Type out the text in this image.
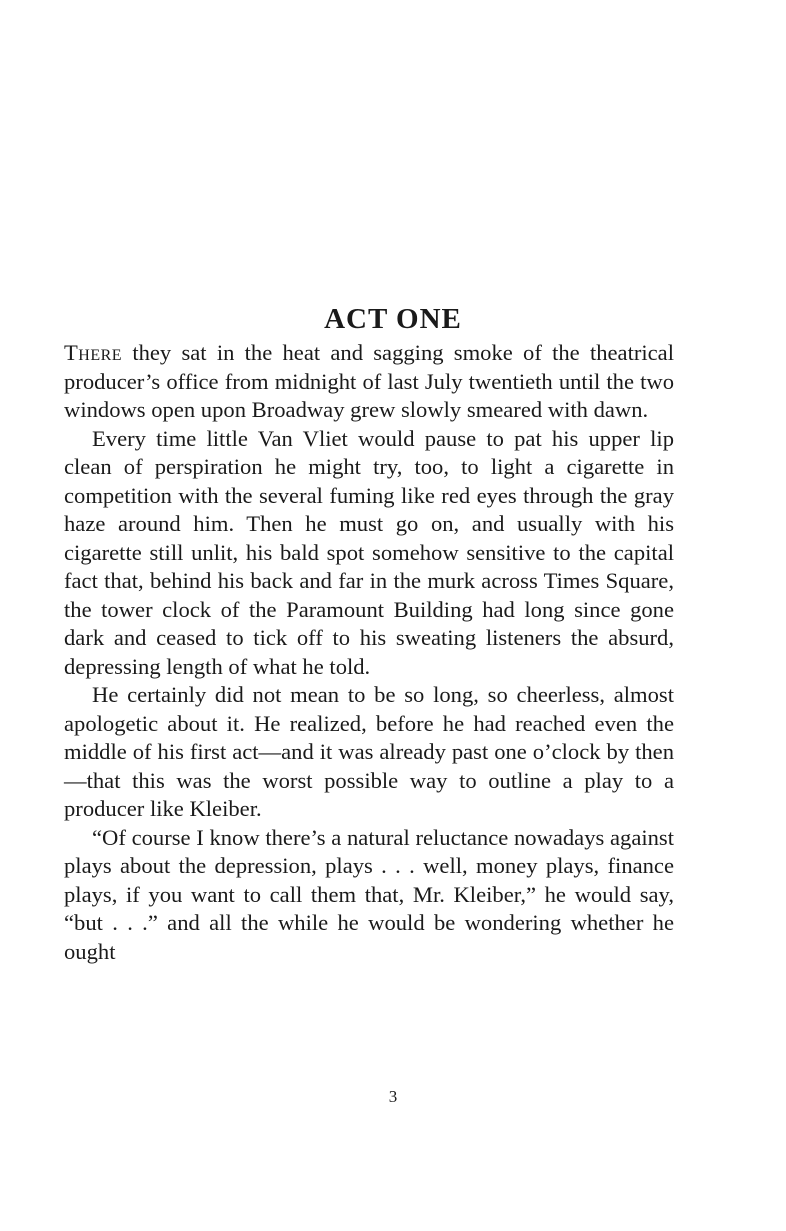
ACT ONE

There they sat in the heat and sagging smoke of the theatrical producer’s office from midnight of last July twentieth until the two windows open upon Broadway grew slowly smeared with dawn.

Every time little Van Vliet would pause to pat his upper lip clean of perspiration he might try, too, to light a cigarette in competition with the several fuming like red eyes through the gray haze around him. Then he must go on, and usually with his cigarette still unlit, his bald spot somehow sensitive to the capital fact that, behind his back and far in the murk across Times Square, the tower clock of the Paramount Building had long since gone dark and ceased to tick off to his sweating listeners the absurd, depressing length of what he told.

He certainly did not mean to be so long, so cheerless, almost apologetic about it. He realized, before he had reached even the middle of his first act—and it was already past one o’clock by then—that this was the worst possible way to outline a play to a producer like Kleiber.

“Of course I know there’s a natural reluctance nowadays against plays about the depression, plays . . . well, money plays, finance plays, if you want to call them that, Mr. Kleiber,” he would say, “but . . .” and all the while he would be wondering whether he ought

3
